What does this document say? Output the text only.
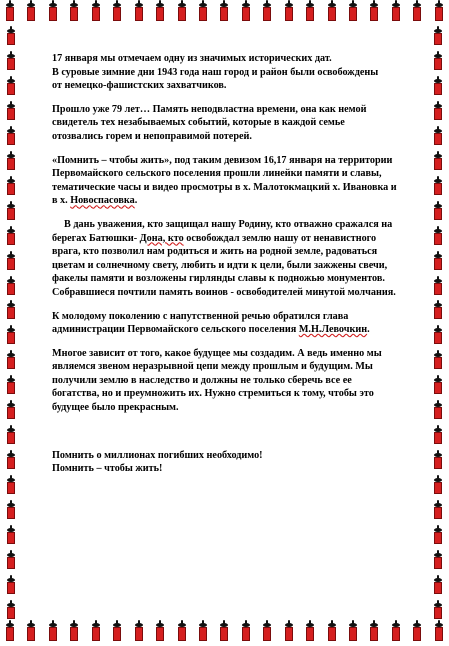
17 января мы отмечаем одну из значимых исторических дат.
В суровые зимние дни 1943 года наш город и район были освобождены
от немецко-фашистских захватчиков.

Прошло уже 79 лет… Память неподвластна времени, она как немой свидетель тех незабываемых событий, которые в каждой семье отозвались горем и непоправимой потерей.

«Помнить – чтобы жить», под таким девизом 16,17 января на территории Первомайского сельского поселения прошли линейки памяти и славы, тематические часы и видео просмотры в х. Малотокмацкий х. Ивановка и в х. Новоспасовка.

В дань уважения, кто защищал нашу Родину, кто отважно сражался на берегах Батюшки- Дона, кто освобождал землю нашу от ненавистного врага, кто позволил нам родиться и жить на родной земле, радоваться цветам и солнечному свету, любить и идти к цели, были зажжены свечи, факелы памяти и возложены гирлянды славы к подножью монументов. Собравшиеся почтили память воинов - освободителей минутой молчания.

К молодому поколению с напутственной речью обратился глава администрации Первомайского сельского поселения М.Н.Левочкин.

Многое зависит от того, какое будущее мы создадим. А ведь именно мы являемся звеном неразрывной цепи между прошлым и будущим. Мы получили землю в наследство и должны не только сберечь все ее богатства, но и преумножить их. Нужно стремиться к тому, чтобы это будущее было прекрасным.

Помнить о миллионах погибших необходимо!
Помнить – чтобы жить!
